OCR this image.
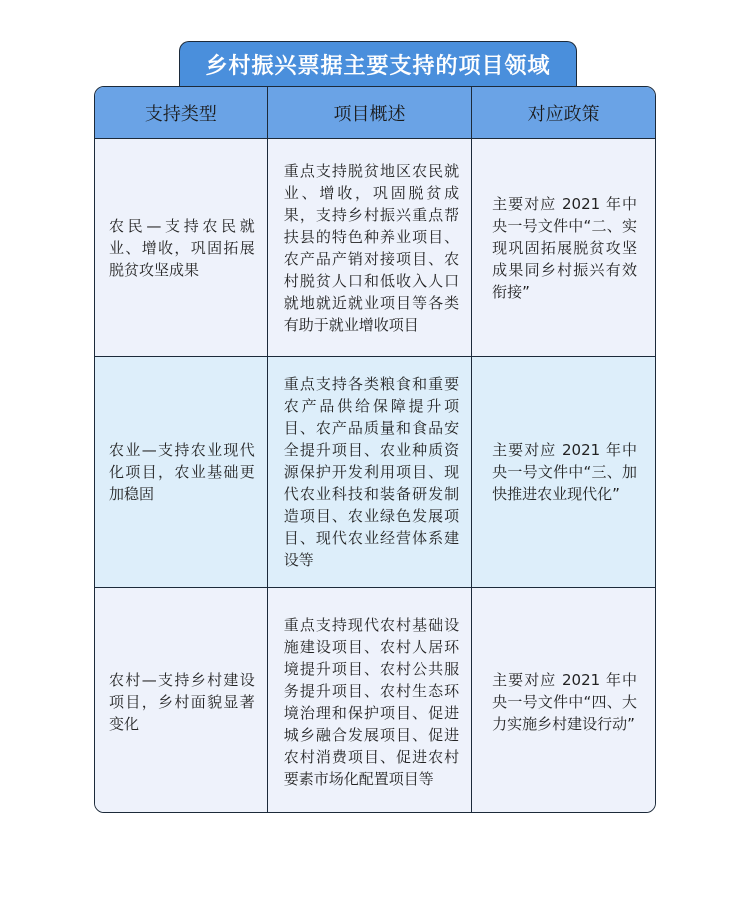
乡村振兴票据主要支持的项目领域
支持类型	项目概述	对应政策
农民—支持农民就业、增收，巩固拓展脱贫攻坚成果	重点支持脱贫地区农民就业、增收，巩固脱贫成果，支持乡村振兴重点帮扶县的特色种养业项目、农产品产销对接项目、农村脱贫人口和低收入人口就地就近就业项目等各类有助于就业增收项目	主要对应 2021 年中央一号文件中“二、实现巩固拓展脱贫攻坚成果同乡村振兴有效衔接”
农业—支持农业现代化项目，农业基础更加稳固	重点支持各类粮食和重要农产品供给保障提升项目、农产品质量和食品安全提升项目、农业种质资源保护开发利用项目、现代农业科技和装备研发制造项目、农业绿色发展项目、现代农业经营体系建设等	主要对应 2021 年中央一号文件中“三、加快推进农业现代化”
农村—支持乡村建设项目，乡村面貌显著变化	重点支持现代农村基础设施建设项目、农村人居环境提升项目、农村公共服务提升项目、农村生态环境治理和保护项目、促进城乡融合发展项目、促进农村消费项目、促进农村要素市场化配置项目等	主要对应 2021 年中央一号文件中“四、大力实施乡村建设行动”
